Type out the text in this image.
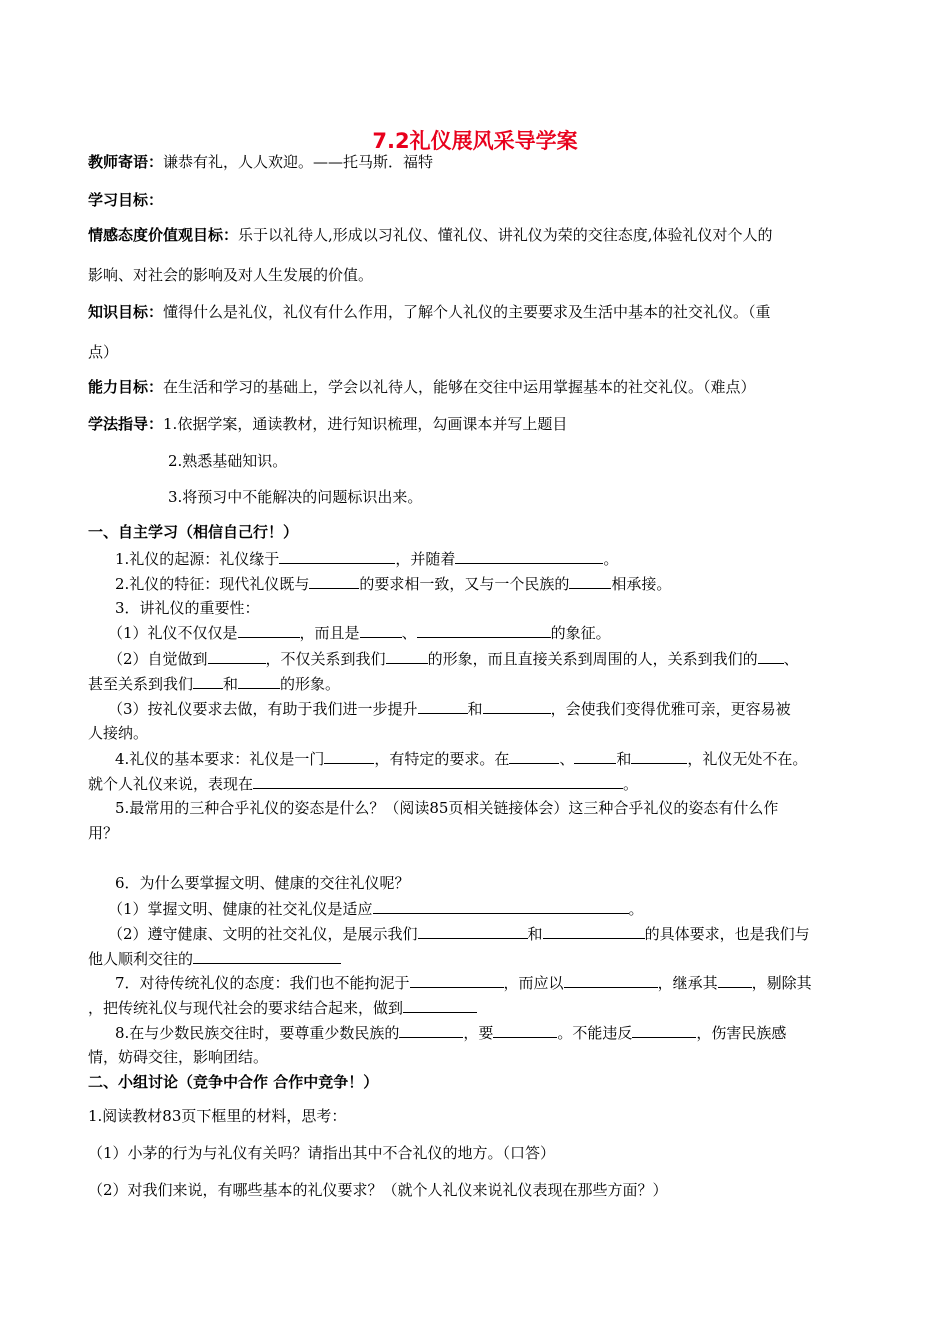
7.2礼仪展风采导学案
教师寄语：谦恭有礼，人人欢迎。——托马斯．福特
学习目标：
情感态度价值观目标：乐于以礼待人,形成以习礼仪、懂礼仪、讲礼仪为荣的交往态度,体验礼仪对个人的
影响、对社会的影响及对人生发展的价值。
知识目标：懂得什么是礼仪，礼仪有什么作用，了解个人礼仪的主要要求及生活中基本的社交礼仪。（重
点）
能力目标：在生活和学习的基础上，学会以礼待人，能够在交往中运用掌握基本的社交礼仪。（难点）
学法指导：1.依据学案，通读教材，进行知识梳理，勾画课本并写上题目
2.熟悉基础知识。
3.将预习中不能解决的问题标识出来。
一、自主学习（相信自己行！）
1.礼仪的起源：礼仪缘于	，并随着	。
2.礼仪的特征：现代礼仪既与	的要求相一致，又与一个民族的	相承接。
3．讲礼仪的重要性：
（1）礼仪不仅仅是	，而且是	、	的象征。
（2）自觉做到	，不仅关系到我们	的形象，而且直接关系到周围的人，关系到我们的 、
甚至关系到我们 和	的形象。
（3）按礼仪要求去做，有助于我们进一步提升	和	，会使我们变得优雅可亲，更容易被
人接纳。
4.礼仪的基本要求：礼仪是一门	，有特定的要求。在	、	和	，礼仪无处不在。
就个人礼仪来说，表现在	。
5.最常用的三种合乎礼仪的姿态是什么？（阅读85页相关链接体会）这三种合乎礼仪的姿态有什么作
用？
6．为什么要掌握文明、健康的交往礼仪呢？
（1）掌握文明、健康的社交礼仪是适应	。
（2）遵守健康、文明的社交礼仪，是展示我们	和	的具体要求，也是我们与
他人顺利交往的
7．对待传统礼仪的态度：我们也不能拘泥于	，而应以	，继承其 ，剔除其
，把传统礼仪与现代社会的要求结合起来，做到
8.在与少数民族交往时，要尊重少数民族的	，要	。不能违反	，伤害民族感
情，妨碍交往，影响团结。
二、小组讨论（竞争中合作 合作中竞争！）
1.阅读教材83页下框里的材料，思考：
（1）小茅的行为与礼仪有关吗？请指出其中不合礼仪的地方。（口答）
（2）对我们来说，有哪些基本的礼仪要求？（就个人礼仪来说礼仪表现在那些方面？）
